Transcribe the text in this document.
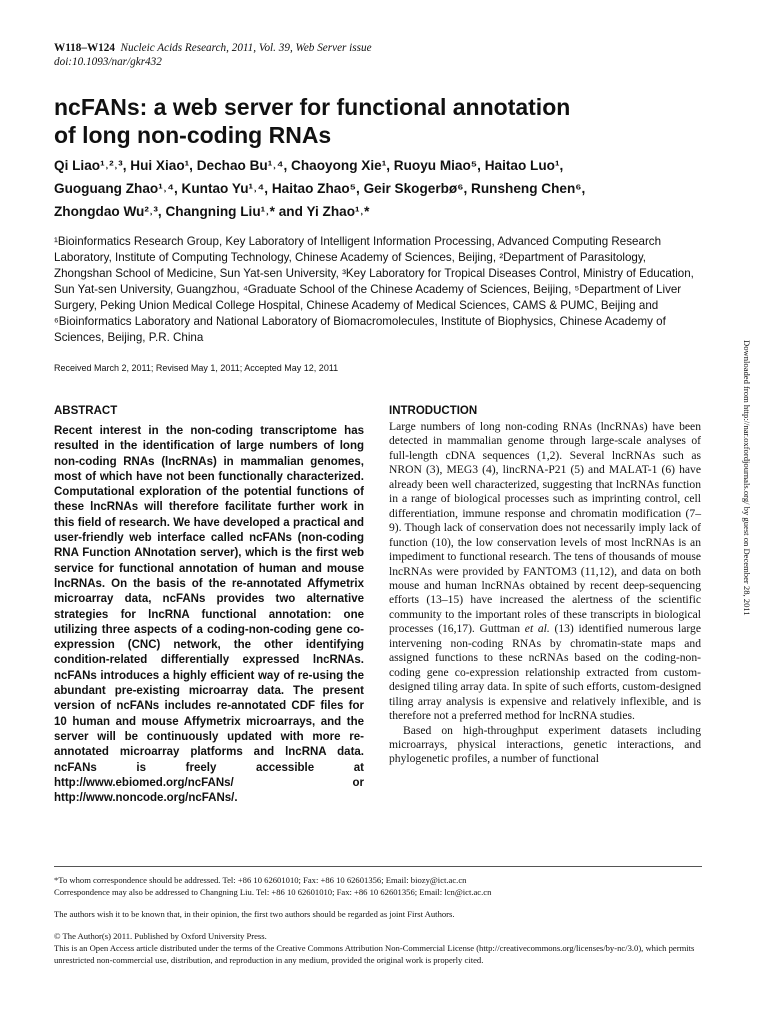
W118–W124 Nucleic Acids Research, 2011, Vol. 39, Web Server issue
doi:10.1093/nar/gkr432
ncFANs: a web server for functional annotation
of long non-coding RNAs
Qi Liao¹˒²˒³, Hui Xiao¹, Dechao Bu¹˒⁴, Chaoyong Xie¹, Ruoyu Miao⁵, Haitao Luo¹,
Guoguang Zhao¹˒⁴, Kuntao Yu¹˒⁴, Haitao Zhao⁵, Geir Skogerbø⁶, Runsheng Chen⁶,
Zhongdao Wu²˒³, Changning Liu¹˒* and Yi Zhao¹˒*
¹Bioinformatics Research Group, Key Laboratory of Intelligent Information Processing, Advanced Computing Research Laboratory, Institute of Computing Technology, Chinese Academy of Sciences, Beijing, ²Department of Parasitology, Zhongshan School of Medicine, Sun Yat-sen University, ³Key Laboratory for Tropical Diseases Control, Ministry of Education, Sun Yat-sen University, Guangzhou, ⁴Graduate School of the Chinese Academy of Sciences, Beijing, ⁵Department of Liver Surgery, Peking Union Medical College Hospital, Chinese Academy of Medical Sciences, CAMS & PUMC, Beijing and ⁶Bioinformatics Laboratory and National Laboratory of Biomacromolecules, Institute of Biophysics, Chinese Academy of Sciences, Beijing, P.R. China
Received March 2, 2011; Revised May 1, 2011; Accepted May 12, 2011
ABSTRACT
Recent interest in the non-coding transcriptome has resulted in the identification of large numbers of long non-coding RNAs (lncRNAs) in mammalian genomes, most of which have not been functionally characterized. Computational exploration of the potential functions of these lncRNAs will therefore facilitate further work in this field of research. We have developed a practical and user-friendly web interface called ncFANs (non-coding RNA Function ANnotation server), which is the first web service for functional annotation of human and mouse lncRNAs. On the basis of the re-annotated Affymetrix microarray data, ncFANs provides two alternative strategies for lncRNA functional annotation: one utilizing three aspects of a coding-non-coding gene co-expression (CNC) network, the other identifying condition-related differentially expressed lncRNAs. ncFANs introduces a highly efficient way of re-using the abundant pre-existing microarray data. The present version of ncFANs includes re-annotated CDF files for 10 human and mouse Affymetrix microarrays, and the server will be continuously updated with more re-annotated microarray platforms and lncRNA data. ncFANs is freely accessible at http://www.ebiomed.org/ncFANs/ or http://www.noncode.org/ncFANs/.
INTRODUCTION

Large numbers of long non-coding RNAs (lncRNAs) have been detected in mammalian genome through large-scale analyses of full-length cDNA sequences (1,2). Several lncRNAs such as NRON (3), MEG3 (4), lincRNA-P21 (5) and MALAT-1 (6) have already been well characterized, suggesting that lncRNAs function in a range of biological processes such as imprinting control, cell differentiation, immune response and chromatin modification (7–9). Though lack of conservation does not necessarily imply lack of function (10), the low conservation levels of most lncRNAs is an impediment to functional research. The tens of thousands of mouse lncRNAs were provided by FANTOM3 (11,12), and data on both mouse and human lncRNAs obtained by recent deep-sequencing efforts (13–15) have increased the alertness of the scientific community to the important roles of these transcripts in biological processes (16,17). Guttman et al. (13) identified numerous large intervening non-coding RNAs by chromatin-state maps and assigned functions to these ncRNAs based on the coding-non-coding gene co-expression relationship extracted from custom-designed tiling array data. In spite of such efforts, custom-designed tiling array analysis is expensive and relatively inflexible, and is therefore not a preferred method for lncRNA studies.

Based on high-throughput experiment datasets including microarrays, physical interactions, genetic interactions, and phylogenetic profiles, a number of functional

*To whom correspondence should be addressed. Tel: +86 10 62601010; Fax: +86 10 62601356; Email: biozy@ict.ac.cn

Correspondence may also be addressed to Changning Liu. Tel: +86 10 62601010; Fax: +86 10 62601356; Email: lcn@ict.ac.cn

The authors wish it to be known that, in their opinion, the first two authors should be regarded as joint First Authors.

© The Author(s) 2011. Published by Oxford University Press.

This is an Open Access article distributed under the terms of the Creative Commons Attribution Non-Commercial License (http://creativecommons.org/licenses/by-nc/3.0), which permits unrestricted non-commercial use, distribution, and reproduction in any medium, provided the original work is properly cited.

Downloaded from http://nar.oxfordjournals.org/ by guest on December 28, 2011
